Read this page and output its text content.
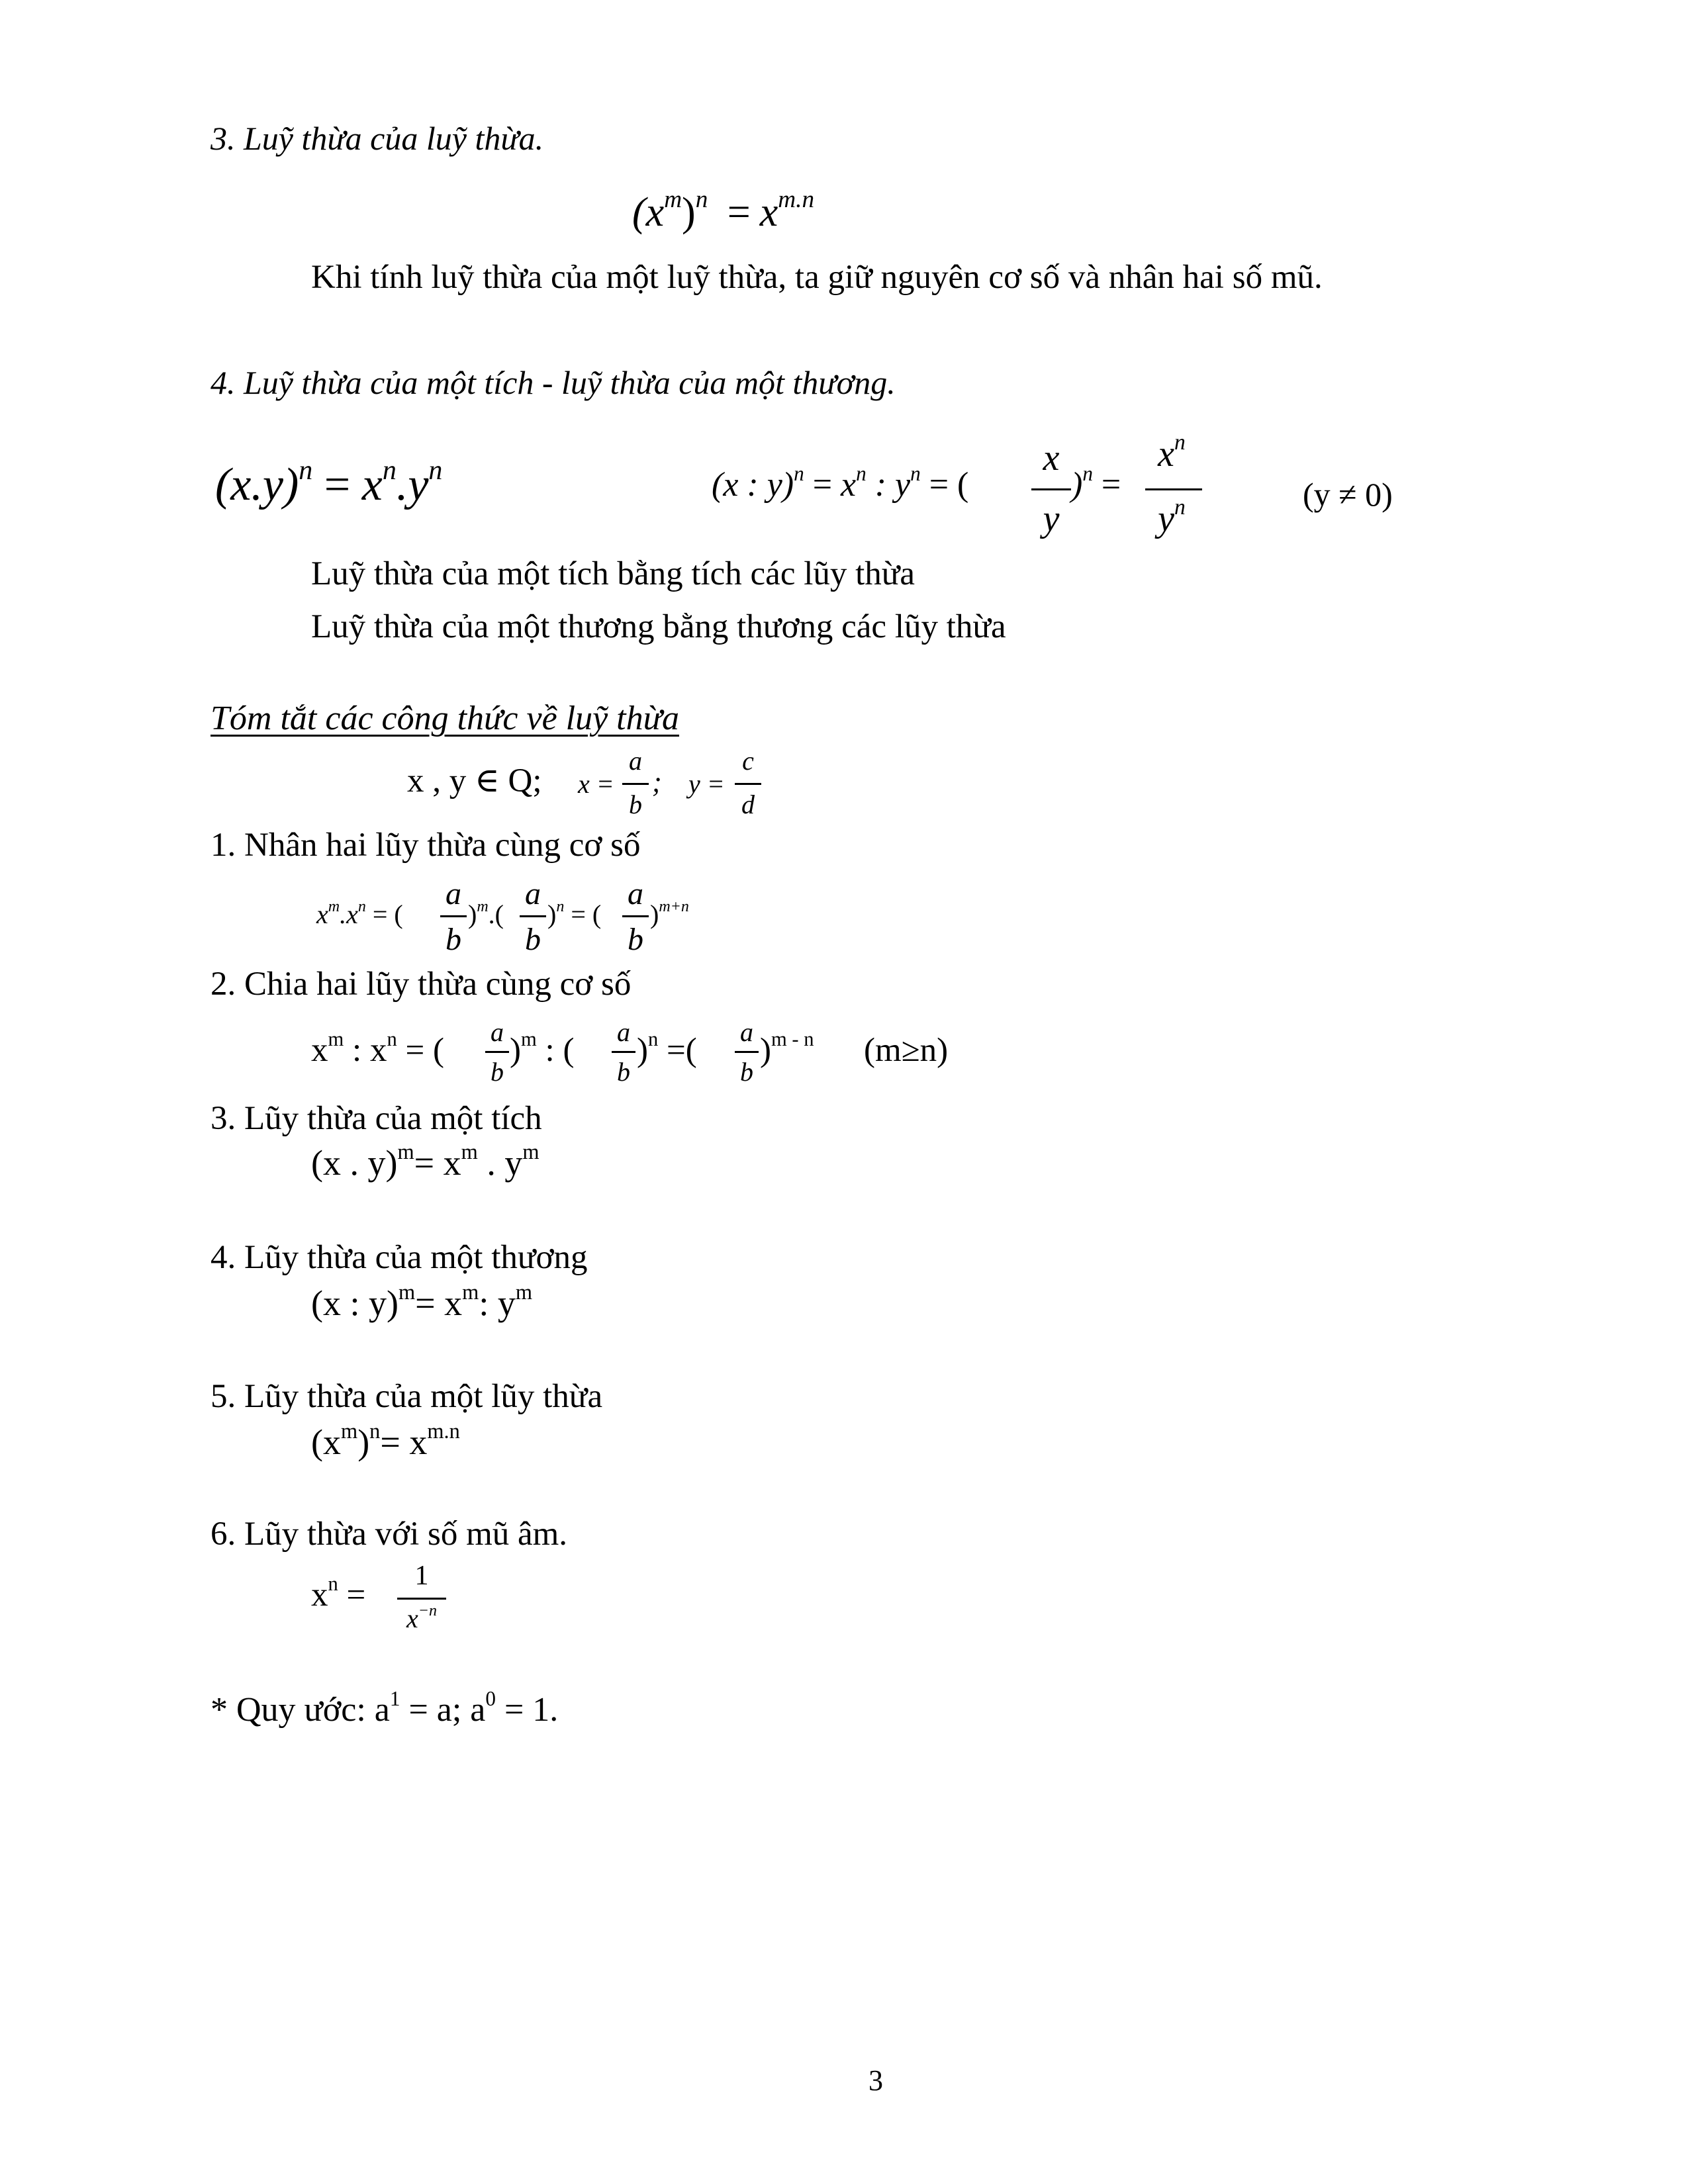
3. Luỹ thừa của luỹ thừa.
$(x^m)^n = x^{m.n}$
Khi tính luỹ thừa của một luỹ thừa, ta giữ nguyên cơ số và nhân hai số mũ.
4. Luỹ thừa của một tích - luỹ thừa của một thương.
$(x.y)^n = x^n.y^n$	(x : $y)^n = x^n$ : $y^n$ = (
x
y
)$^n$ =
$x^n$
$y^n$	(y ≠ 0)
Luỹ thừa của một tích bằng tích các lũy thừa
Luỹ thừa của một thương bằng thương các lũy thừa
Tóm tắt các công thức về luỹ thừa
x , y ∈ Q; x =
a
b
; y =
c
d
1. Nhân hai lũy thừa cùng cơ số
$x^m.x^n$ = (
a
b
)$^m$.(
a
b
)$^n$ = (
a
b
)$^{m+n}$
2. Chia hai lũy thừa cùng cơ số
$x^m$ : $x^n$ = ( a
b
)$^m$ : ( a
b
)$^n$ =( a
b
)$^{m - n}$ (m≥n)
3. Lũy thừa của một tích
(x . $y)^m= x^m$ . $y^m$
4. Lũy thừa của một thương
(x : $y)^m= x^m$: $y^m$
5. Lũy thừa của một lũy thừa
$(x^m)^n= x^{m.n}$
6. Lũy thừa với số mũ âm.
$x^n$ =
1
$x^{-n}$
* Quy ước: $a^1 = a$; $a^0 = 1$.
3
